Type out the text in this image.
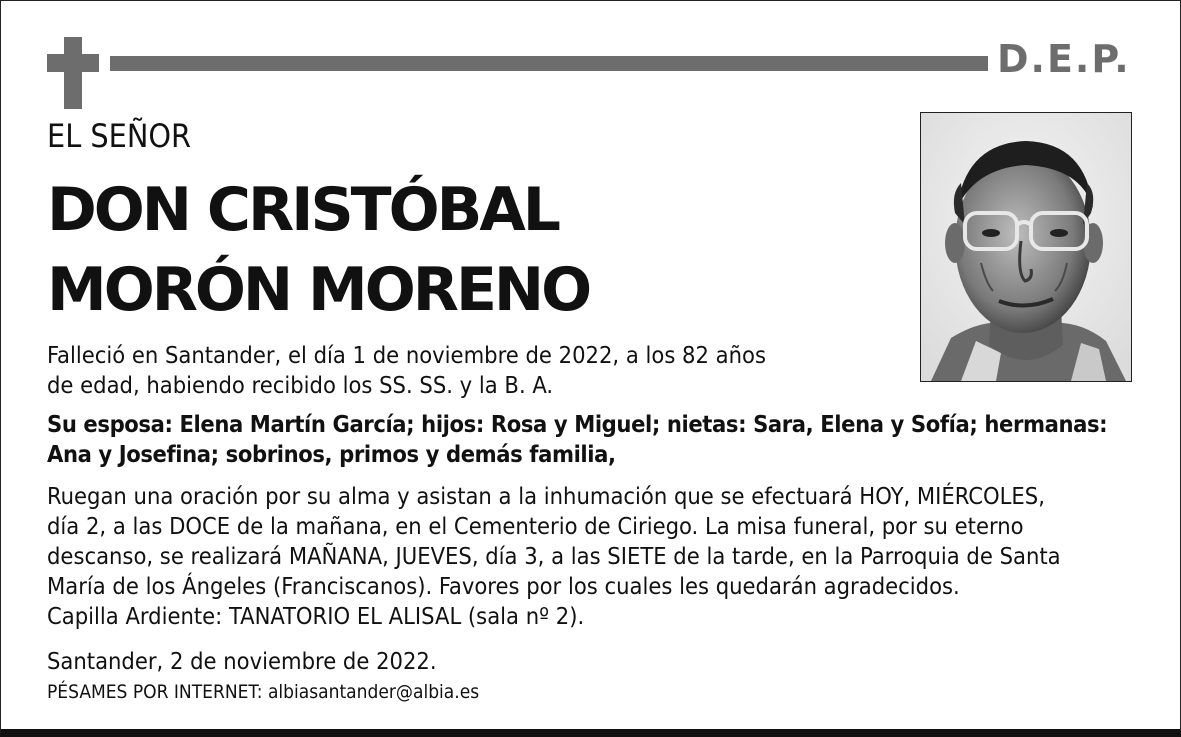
D.E.P.
EL SEÑOR
DON CRISTÓBAL
MORÓN MORENO
Falleció en Santander, el día 1 de noviembre de 2022, a los 82 años
de edad, habiendo recibido los SS. SS. y la B. A.
Su esposa: Elena Martín García; hijos: Rosa y Miguel; nietas: Sara, Elena y Sofía; hermanas:
Ana y Josefina; sobrinos, primos y demás familia,
Ruegan una oración por su alma y asistan a la inhumación que se efectuará HOY, MIÉRCOLES,
día 2, a las DOCE de la mañana, en el Cementerio de Ciriego. La misa funeral, por su eterno
descanso, se realizará MAÑANA, JUEVES, día 3, a las SIETE de la tarde, en la Parroquia de Santa
María de los Ángeles (Franciscanos). Favores por los cuales les quedarán agradecidos.
Capilla Ardiente: TANATORIO EL ALISAL (sala nº 2).
Santander, 2 de noviembre de 2022.
PÉSAMES POR INTERNET: albiasantander@albia.es
